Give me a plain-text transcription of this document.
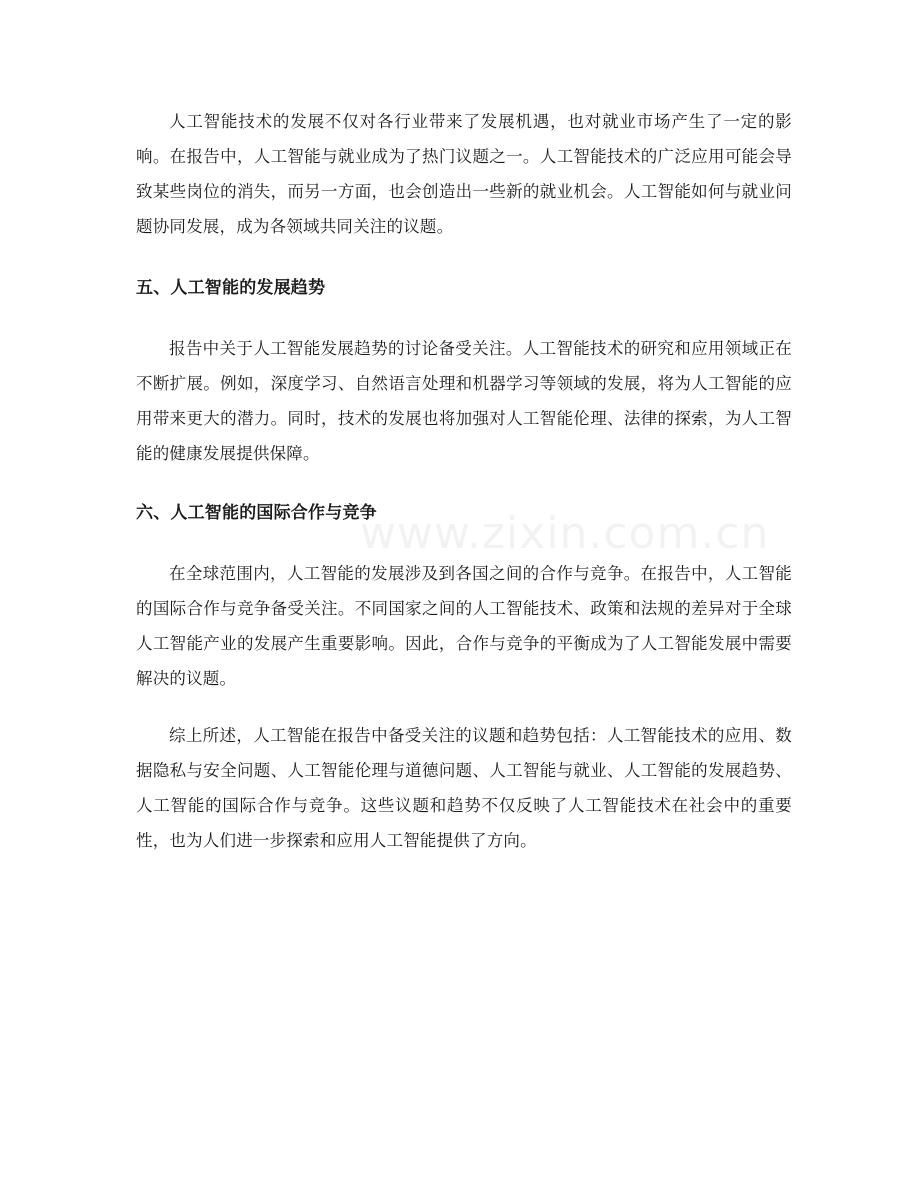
人工智能技术的发展不仅对各行业带来了发展机遇，也对就业市场产生了一定的影响。在报告中，人工智能与就业成为了热门议题之一。人工智能技术的广泛应用可能会导致某些岗位的消失，而另一方面，也会创造出一些新的就业机会。人工智能如何与就业问题协同发展，成为各领域共同关注的议题。

五、人工智能的发展趋势

报告中关于人工智能发展趋势的讨论备受关注。人工智能技术的研究和应用领域正在不断扩展。例如，深度学习、自然语言处理和机器学习等领域的发展，将为人工智能的应用带来更大的潜力。同时，技术的发展也将加强对人工智能伦理、法律的探索，为人工智能的健康发展提供保障。

六、人工智能的国际合作与竞争

在全球范围内，人工智能的发展涉及到各国之间的合作与竞争。在报告中，人工智能的国际合作与竞争备受关注。不同国家之间的人工智能技术、政策和法规的差异对于全球人工智能产业的发展产生重要影响。因此，合作与竞争的平衡成为了人工智能发展中需要解决的议题。

综上所述，人工智能在报告中备受关注的议题和趋势包括：人工智能技术的应用、数据隐私与安全问题、人工智能伦理与道德问题、人工智能与就业、人工智能的发展趋势、人工智能的国际合作与竞争。这些议题和趋势不仅反映了人工智能技术在社会中的重要性，也为人们进一步探索和应用人工智能提供了方向。

www.zixin.com.cn
